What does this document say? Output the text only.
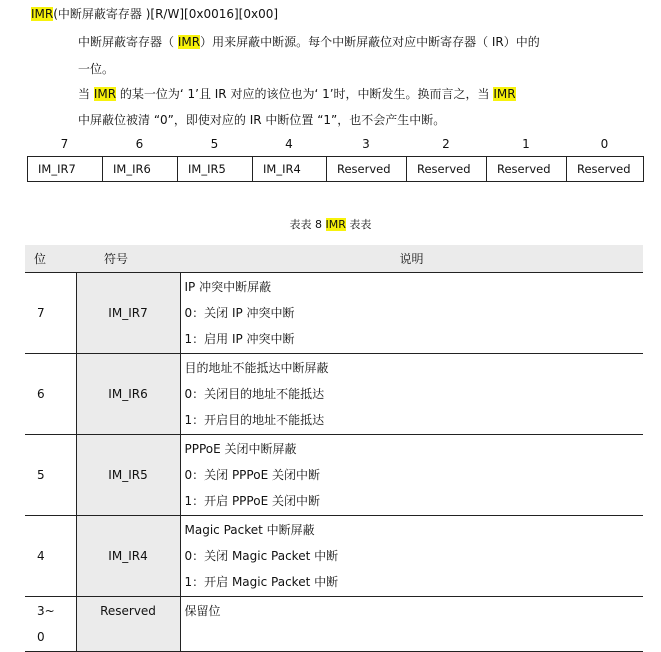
IMR(中断屏蔽寄存器 )[R/W][0x0016][0x00]
中断屏蔽寄存器（ IMR）用来屏蔽中断源。每个中断屏蔽位对应中断寄存器（ IR）中的
一位。
当 IMR 的某一位为‘ 1’且 IR 对应的该位也为‘ 1’时，中断发生。换而言之，当 IMR
中屏蔽位被清 “0”，即使对应的 IR 中断位置 “1”，也不会产生中断。
7	6	5	4	3	2	1	0
IM_IR7	IM_IR6	IM_IR5	IM_IR4	Reserved	Reserved	Reserved	Reserved
表表 8 IMR 表表
位	符号	说明
7	IM_IR7	IP 冲突中断屏蔽
0：关闭 IP 冲突中断
1：启用 IP 冲突中断

6	IM_IR6	目的地址不能抵达中断屏蔽
0：关闭目的地址不能抵达
1：开启目的地址不能抵达

5	IM_IR5	PPPoE 关闭中断屏蔽
0：关闭 PPPoE 关闭中断
1：开启 PPPoE 关闭中断

4	IM_IR4	Magic Packet 中断屏蔽
0：关闭 Magic Packet 中断
1：开启 Magic Packet 中断

3~
0	Reserved	保留位
